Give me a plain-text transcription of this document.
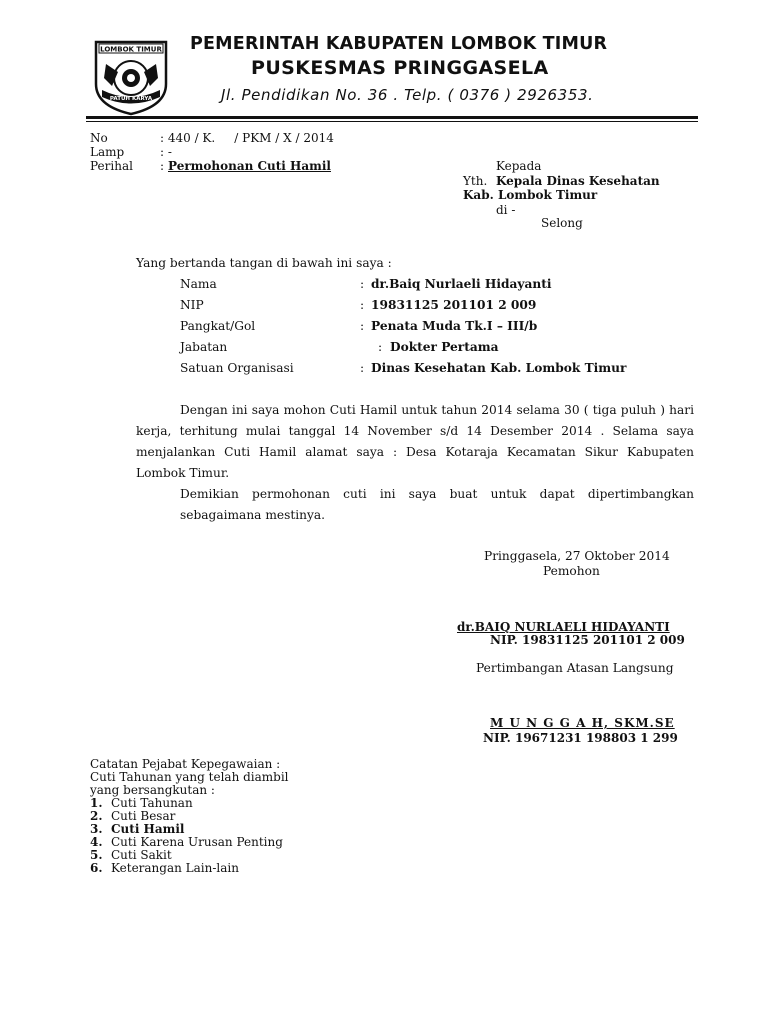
LOMBOK TIMUR
PATUH KARYA
PEMERINTAH KABUPATEN LOMBOK TIMUR
PUSKESMAS PRINGGASELA
Jl. Pendidikan No. 36 . Telp. ( 0376 ) 2926353.
No	: 440 / K.     / PKM / X / 2014
Lamp	: -
Perihal : Permohonan Cuti Hamil	Kepada
Yth. Kepala Dinas Kesehatan
Kab. Lombok Timur
di -
Selong
Yang bertanda tangan di bawah ini saya :
Nama	: dr.Baiq Nurlaeli Hidayanti
NIP	: 19831125 201101 2 009
Pangkat/Gol	: Penata Muda Tk.I – III/b
Jabatan	: Dokter Pertama
Satuan Organisasi	: Dinas Kesehatan Kab. Lombok Timur
Dengan ini saya mohon Cuti Hamil untuk tahun 2014 selama 30 ( tiga puluh ) hari kerja, terhitung mulai tanggal 14 November s/d 14 Desember 2014 . Selama saya menjalankan Cuti Hamil alamat saya : Desa Kotaraja Kecamatan Sikur Kabupaten Lombok Timur.
Demikian permohonan cuti ini saya buat untuk dapat dipertimbangkan sebagaimana mestinya.
Pringgasela, 27 Oktober 2014
Pemohon
dr.BAIQ NURLAELI HIDAYANTI
NIP. 19831125 201101 2 009
Pertimbangan Atasan Langsung
M U N G G A H, SKM.SE
NIP. 19671231 198803 1 299
Catatan Pejabat Kepegawaian :
Cuti Tahunan yang telah diambil
yang bersangkutan :
1. Cuti Tahunan
2. Cuti Besar
3. Cuti Hamil
4. Cuti Karena Urusan Penting
5. Cuti Sakit
6. Keterangan Lain-lain
